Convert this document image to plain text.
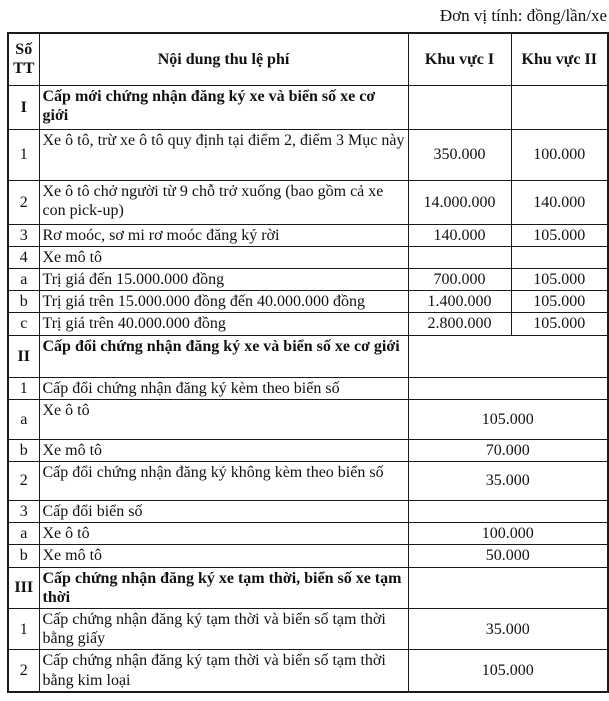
Đơn vị tính: đồng/lần/xe
Số TT	Nội dung thu lệ phí	Khu vực I	Khu vực II
I	Cấp mới chứng nhận đăng ký xe và biển số xe cơ giới		
1	Xe ô tô, trừ xe ô tô quy định tại điểm 2, điểm 3 Mục này	350.000	100.000
2	Xe ô tô chở người từ 9 chỗ trở xuống (bao gồm cả xe con pick-up)	14.000.000	140.000
3	Rơ moóc, sơ mi rơ moóc đăng ký rời	140.000	105.000
4	Xe mô tô		
a	Trị giá đến 15.000.000 đồng	700.000	105.000
b	Trị giá trên 15.000.000 đồng đến 40.000.000 đồng	1.400.000	105.000
c	Trị giá trên 40.000.000 đồng	2.800.000	105.000
II	Cấp đổi chứng nhận đăng ký xe và biển số xe cơ giới		
1	Cấp đổi chứng nhận đăng ký kèm theo biển số		
a	Xe ô tô	105.000	
b	Xe mô tô	70.000	
2	Cấp đổi chứng nhận đăng ký không kèm theo biển số	35.000	
3	Cấp đổi biển số		
a	Xe ô tô	100.000	
b	Xe mô tô	50.000	
III	Cấp chứng nhận đăng ký xe tạm thời, biển số xe tạm thời		
1	Cấp chứng nhận đăng ký tạm thời và biển số tạm thời bằng giấy	35.000	
2	Cấp chứng nhận đăng ký tạm thời và biển số tạm thời bằng kim loại	105.000	
